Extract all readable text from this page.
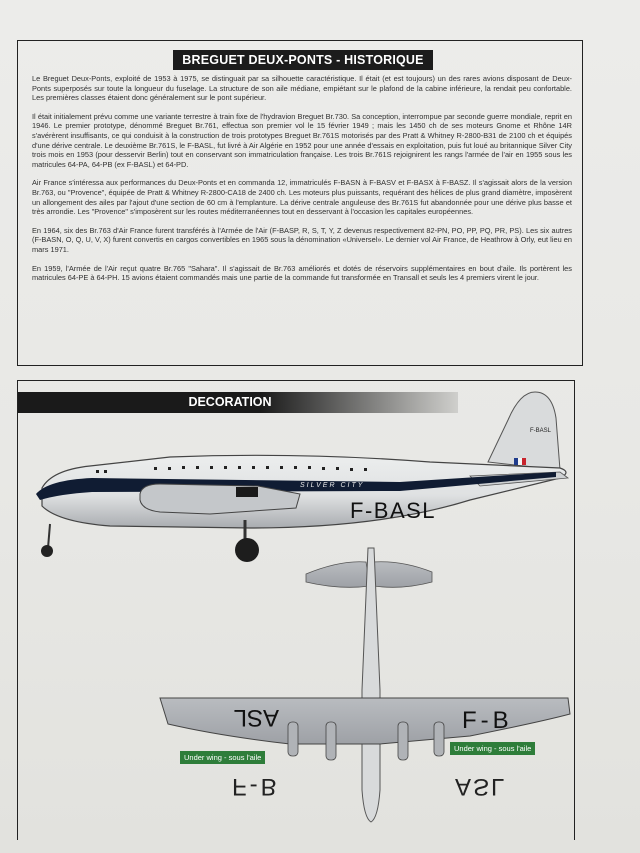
BREGUET DEUX-PONTS - HISTORIQUE

Le Breguet Deux-Ponts, exploité de 1953 à 1975, se distinguait par sa silhouette caractéristique. Il était (et est toujours) un des rares avions disposant de Deux-Ponts superposés sur toute la longueur du fuselage. La structure de son aile médiane, empiétant sur le plafond de la cabine inférieure, la rendait peu confortable. Les premières classes étaient donc généralement sur le pont supérieur.

Il était initialement prévu comme une variante terrestre à train fixe de l'hydravion Breguet Br.730. Sa conception, interrompue par seconde guerre mondiale, reprit en 1946. Le premier prototype, dénommé Breguet Br.761, effectua son premier vol le 15 février 1949 ; mais les 1450 ch de ses moteurs Gnome et Rhône 14R s'avérèrent insuffisants, ce qui conduisit à la construction de trois prototypes Breguet Br.761S motorisés par des Pratt & Whitney R-2800-B31 de 2100 ch et équipés d'une dérive centrale. Le deuxième Br.761S, le F-BASL, fut livré à Air Algérie en 1952 pour une année d'essais en exploitation, puis fut loué au britannique Silver City trois mois en 1953 (pour desservir Berlin) tout en conservant son immatriculation française. Les trois Br.761S rejoignirent les rangs l'armée de l'air en 1955 sous les matricules 64-PA, 64-PB (ex F-BASL) et 64-PD.

Air France s'intéressa aux performances du Deux-Ponts et en commanda 12, immatriculés F-BASN à F-BASV et F-BASX à F-BASZ. Il s'agissait alors de la version Br.763, ou "Provence", équipée de Pratt & Whitney R-2800-CA18 de 2400 ch. Les moteurs plus puissants, requérant des hélices de plus grand diamètre, imposèrent un allongement des ailes par l'ajout d'une section de 60 cm à l'emplanture. La dérive centrale anguleuse des Br.761S fut abandonnée pour une dérive plus basse et très arrondie. Les "Provence" s'imposèrent sur les routes méditerranéennes tout en desservant à l'occasion les capitales européennes.

En 1964, six des Br.763 d'Air France furent transférés à l'Armée de l'Air (F-BASP, R, S, T, Y, Z devenus respectivement 82-PN, PO, PP, PQ, PR, PS). Les six autres (F-BASN, O, Q, U, V, X) furent convertis en cargos convertibles en 1965 sous la dénomination «Universel». Le dernier vol Air France, de Heathrow à Orly, eut lieu en mars 1971.

En 1959, l'Armée de l'Air reçut quatre Br.765 "Sahara". Il s'agissait de Br.763 améliorés et dotés de réservoirs supplémentaires en bout d'aile. Ils portèrent les matricules 64-PE à 64-PH. 15 avions étaient commandés mais une partie de la commande fut transformée en Transall et seuls les 4 premiers virent le jour.

DECORATION
F-BASL
SILVER CITY
F-BASL
ASL	F-B
F-B	ASL
Under wing - sous l'aile
Under wing - sous l'aile
